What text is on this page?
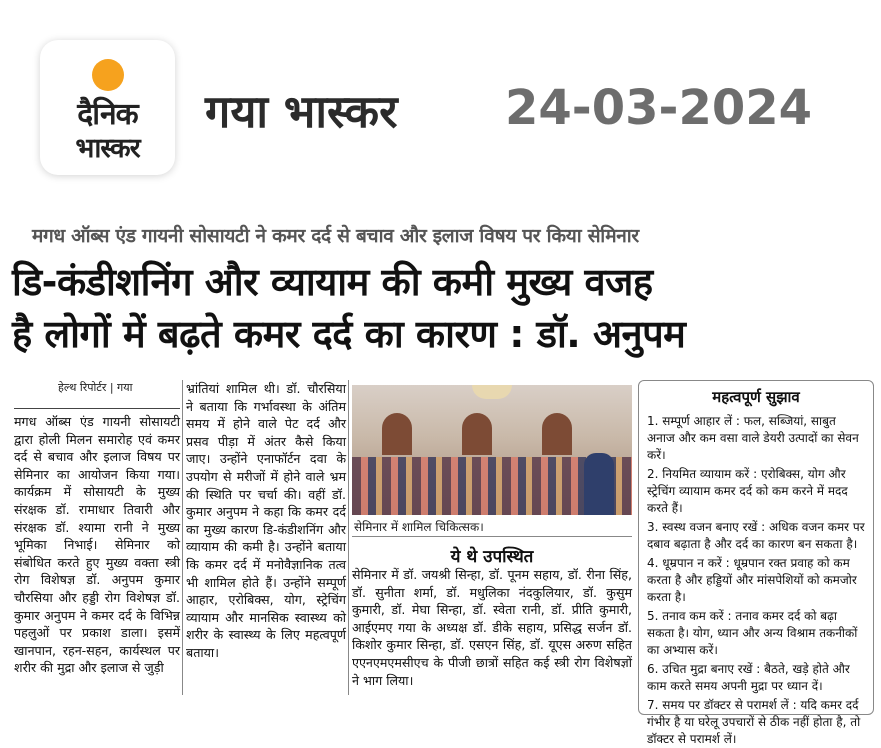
दैनिक
भास्कर
गया भास्कर 24-03-2024
मगध ऑब्स एंड गायनी सोसायटी ने कमर दर्द से बचाव और इलाज विषय पर किया सेमिनार
डि-कंडीशनिंग और व्यायाम की कमी मुख्य वजह
है लोगों में बढ़ते कमर दर्द का कारण : डॉ. अनुपम
हेल्थ रिपोर्टर | गया
मगध ऑब्स एंड गायनी सोसायटी द्वारा होली मिलन समारोह एवं कमर दर्द से बचाव और इलाज विषय पर सेमिनार का आयोजन किया गया। कार्यक्रम में सोसायटी के मुख्य संरक्षक डॉ. रामाधार तिवारी और संरक्षक डॉ. श्यामा रानी ने मुख्य भूमिका निभाई। सेमिनार को संबोधित करते हुए मुख्य वक्ता स्त्री रोग विशेषज्ञ डॉ. अनुपम कुमार चौरसिया और हड्डी रोग विशेषज्ञ डॉ. कुमार अनुपम ने कमर दर्द के विभिन्न पहलुओं पर प्रकाश डाला। इसमें खानपान, रहन-सहन, कार्यस्थल पर शरीर की मुद्रा और इलाज से जुड़ी
भ्रांतियां शामिल थी। डॉ. चौरसिया ने बताया कि गर्भावस्था के अंतिम समय में होने वाले पेट दर्द और प्रसव पीड़ा में अंतर कैसे किया जाए। उन्होंने एनाफॉर्टन दवा के उपयोग से मरीजों में होने वाले भ्रम की स्थिति पर चर्चा की। वहीं डॉ. कुमार अनुपम ने कहा कि कमर दर्द का मुख्य कारण डि-कंडीशनिंग और व्यायाम की कमी है। उन्होंने बताया कि कमर दर्द में मनोवैज्ञानिक तत्व भी शामिल होते हैं। उन्होंने सम्पूर्ण आहार, एरोबिक्स, योग, स्ट्रेचिंग व्यायाम और मानसिक स्वास्थ्य को शरीर के स्वास्थ्य के लिए महत्वपूर्ण बताया।
सेमिनार में शामिल चिकित्सक।
ये थे उपस्थित
सेमिनार में डॉ. जयश्री सिन्हा, डॉ. पूनम सहाय, डॉ. रीना सिंह, डॉ. सुनीता शर्मा, डॉ. मधुलिका नंदकुलियार, डॉ. कुसुम कुमारी, डॉ. मेघा सिन्हा, डॉ. स्वेता रानी, डॉ. प्रीति कुमारी, आईएमए गया के अध्यक्ष डॉ. डीके सहाय, प्रसिद्ध सर्जन डॉ. किशोर कुमार सिन्हा, डॉ. एसएन सिंह, डॉ. यूएस अरुण सहित एएनएमएमसीएच के पीजी छात्रों सहित कई स्त्री रोग विशेषज्ञों ने भाग लिया।
महत्वपूर्ण सुझाव
1. सम्पूर्ण आहार लें : फल, सब्जियां, साबुत अनाज और कम वसा वाले डेयरी उत्पादों का सेवन करें।
2. नियमित व्यायाम करें : एरोबिक्स, योग और स्ट्रेचिंग व्यायाम कमर दर्द को कम करने में मदद करते हैं।
3. स्वस्थ वजन बनाए रखें : अधिक वजन कमर पर दबाव बढ़ाता है और दर्द का कारण बन सकता है।
4. धूम्रपान न करें : धूम्रपान रक्त प्रवाह को कम करता है और हड्डियों और मांसपेशियों को कमजोर करता है।
5. तनाव कम करें : तनाव कमर दर्द को बढ़ा सकता है। योग, ध्यान और अन्य विश्राम तकनीकों का अभ्यास करें।
6. उचित मुद्रा बनाए रखें : बैठते, खड़े होते और काम करते समय अपनी मुद्रा पर ध्यान दें।
7. समय पर डॉक्टर से परामर्श लें : यदि कमर दर्द गंभीर है या घरेलू उपचारों से ठीक नहीं होता है, तो डॉक्टर से परामर्श लें।
